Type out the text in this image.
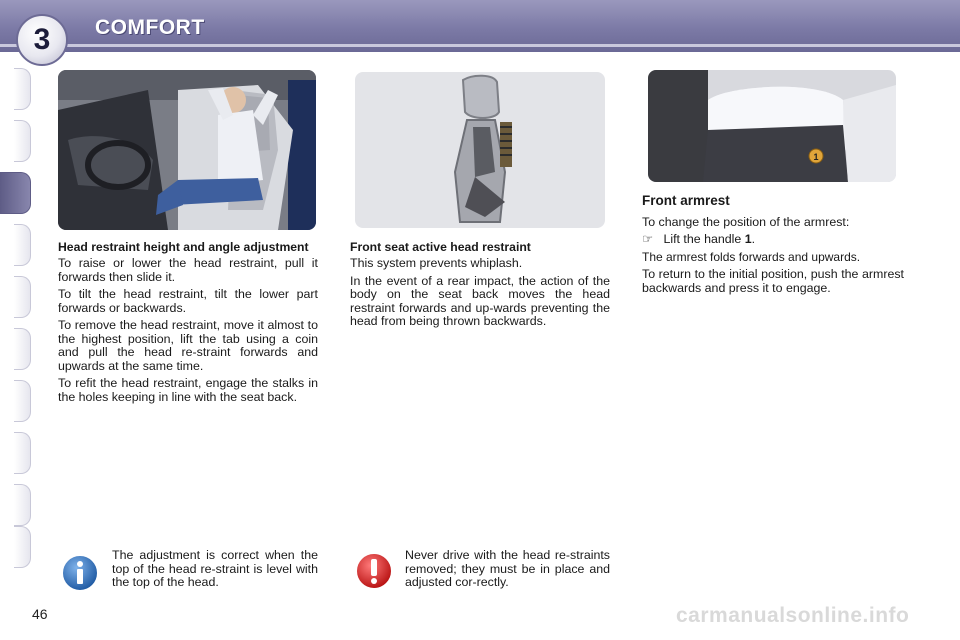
3	COMFORT
1
Head restraint height and angle adjustment

To raise or lower the head restraint, pull it forwards then slide it.

To tilt the head restraint, tilt the lower part forwards or backwards.

To remove the head restraint, move it almost to the highest position, lift the tab using a coin and pull the head re-straint forwards and upwards at the same time.

To refit the head restraint, engage the stalks in the holes keeping in line with the seat back.

Front seat active head restraint

This system prevents whiplash.

In the event of a rear impact, the action of the body on the seat back moves the head restraint forwards and up-wards preventing the head from being thrown backwards.

Front armrest

To change the position of the armrest:

☞ Lift the handle 1.

The armrest folds forwards and upwards.

To return to the initial position, push the armrest backwards and press it to engage.

The adjustment is correct when the top of the head re-straint is level with the top of the head.
Never drive with the head re-straints removed; they must be in place and adjusted cor-rectly.
46	carmanualsonline.info
